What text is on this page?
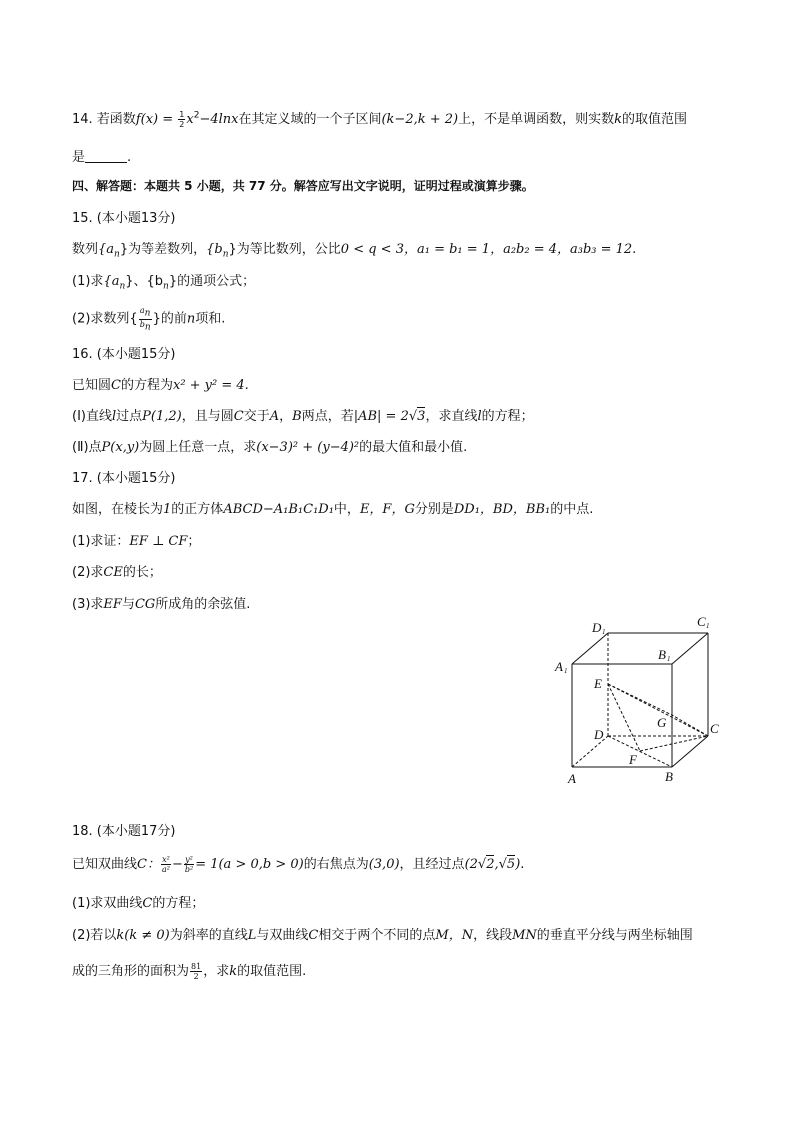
14. 若函数$f(x) = \frac{1}{2} x^2-4\ln x$在其定义域的一个子区间(k−2,k + 2)上，不是单调函数，则实数k的取值范围
是	.
四、解答题：本题共 5 小题，共 77 分。解答应写出文字说明，证明过程或演算步骤。
15. (本小题13分)
数列$\{a_n\}$为等差数列，$\{b_n\}$为等比数列，公比0 < q < 3，a₁ = b₁ = 1，a₂b₂ = 4，a₃b₃ = 12.
(1)求$\{a_n\}$、$\{b_n\}$的通项公式；
(2)求数列{ $\frac{a_n}{b_n}$ }的前n项和.
16. (本小题15分)
已知圆C的方程为x² + y² = 4.
(Ⅰ)直线l过点P(1,2)，且与圆C交于A，B两点，若|AB| = 2√3，求直线l的方程；
(Ⅱ)点P(x,y)为圆上任意一点，求(x−3)² + (y−4)²的最大值和最小值.
17. (本小题15分)
如图，在棱长为1的正方体ABCD−A₁B₁C₁D₁中，E，F，G分别是DD₁，BD，BB₁的中点.
(1)求证：EF ⊥ CF；
(2)求CE的长；
(3)求EF与CG所成角的余弦值.
D 1
C 1
A 1
B 1
E
G	C
D
F
A	B
18. (本小题17分)
已知双曲线C： $\frac{\text{x²}}{\text{a²}} - \frac{\text{y²}}{\text{b²}} = 1(a > 0,b > 0)$的右焦点为(3,0)，且经过点(2√2,√5).
(1)求双曲线C的方程；
(2)若以k(k ≠ 0)为斜率的直线L与双曲线C相交于两个不同的点M，N，线段MN的垂直平分线与两坐标轴围
成的三角形的面积为 $\frac{81}{2}$ ，求k的取值范围.
